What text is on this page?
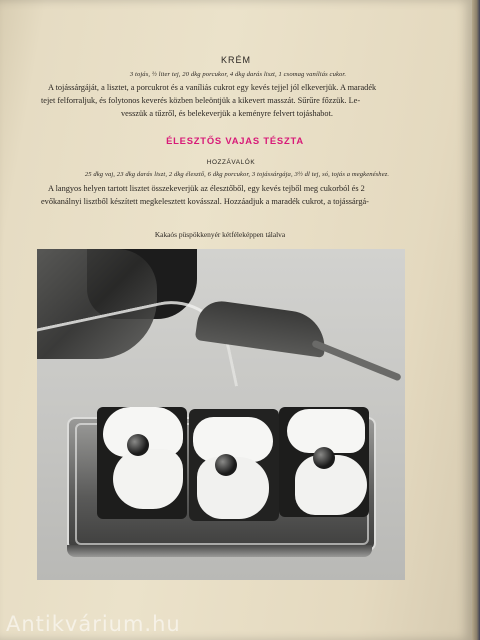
KRÉM
3 tojás, ½ liter tej, 20 dkg porcukor, 4 dkg darás liszt, 1 csomag vaníliás cukor.
A tojássárgáját, a lisztet, a porcukrot és a vaníliás cukrot egy kevés tejjel jól elkeverjük. A maradék
tejet felforraljuk, és folytonos keverés közben beleöntjük a kikevert masszát. Sűrűre főzzük. Le-
vesszük a tűzről, és belekeverjük a keményre felvert tojáshabot.
ÉLESZTŐS VAJAS TÉSZTA
HOZZÁVALÓK
25 dkg vaj, 23 dkg darás liszt, 2 dkg élesztő, 6 dkg porcukor, 3 tojássárgája, 3½ dl tej, só, tojás a megkenéshez.
A langyos helyen tartott lisztet összekeverjük az élesztőből, egy kevés tejből meg cukorból és 2
evőkanálnyi lisztből készített megkelesztett kovásszal. Hozzáadjuk a maradék cukrot, a tojássárgá-
Kakaós püspökkenyér kétféleképpen tálalva
Antikvárium.hu
